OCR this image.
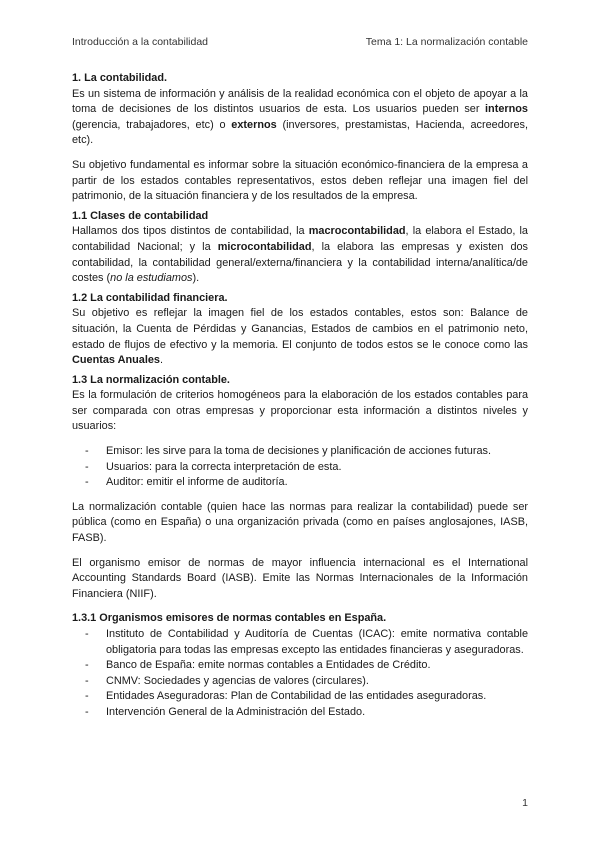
Introducción a la contabilidad	Tema 1: La normalización contable

1. La contabilidad.

Es un sistema de información y análisis de la realidad económica con el objeto de apoyar a la toma de decisiones de los distintos usuarios de esta. Los usuarios pueden ser internos (gerencia, trabajadores, etc) o externos (inversores, prestamistas, Hacienda, acreedores, etc).

Su objetivo fundamental es informar sobre la situación económico-financiera de la empresa a partir de los estados contables representativos, estos deben reflejar una imagen fiel del patrimonio, de la situación financiera y de los resultados de la empresa.

1.1 Clases de contabilidad

Hallamos dos tipos distintos de contabilidad, la macrocontabilidad, la elabora el Estado, la contabilidad Nacional; y la microcontabilidad, la elabora las empresas y existen dos contabilidad, la contabilidad general/externa/financiera y la contabilidad interna/analítica/de costes (no la estudiamos).

1.2 La contabilidad financiera.

Su objetivo es reflejar la imagen fiel de los estados contables, estos son: Balance de situación, la Cuenta de Pérdidas y Ganancias, Estados de cambios en el patrimonio neto, estado de flujos de efectivo y la memoria. El conjunto de todos estos se le conoce como las Cuentas Anuales.

1.3 La normalización contable.

Es la formulación de criterios homogéneos para la elaboración de los estados contables para ser comparada con otras empresas y proporcionar esta información a distintos niveles y usuarios:

- Emisor: les sirve para la toma de decisiones y planificación de acciones futuras.
- Usuarios: para la correcta interpretación de esta.
- Auditor: emitir el informe de auditoría.

La normalización contable (quien hace las normas para realizar la contabilidad) puede ser pública (como en España) o una organización privada (como en países anglosajones, IASB, FASB).

El organismo emisor de normas de mayor influencia internacional es el International Accounting Standards Board (IASB). Emite las Normas Internacionales de la Información Financiera (NIIF).

1.3.1 Organismos emisores de normas contables en España.

- Instituto de Contabilidad y Auditoría de Cuentas (ICAC): emite normativa contable obligatoria para todas las empresas excepto las entidades financieras y aseguradoras.
- Banco de España: emite normas contables a Entidades de Crédito.
- CNMV: Sociedades y agencias de valores (circulares).
- Entidades Aseguradoras: Plan de Contabilidad de las entidades aseguradoras.
- Intervención General de la Administración del Estado.
1
